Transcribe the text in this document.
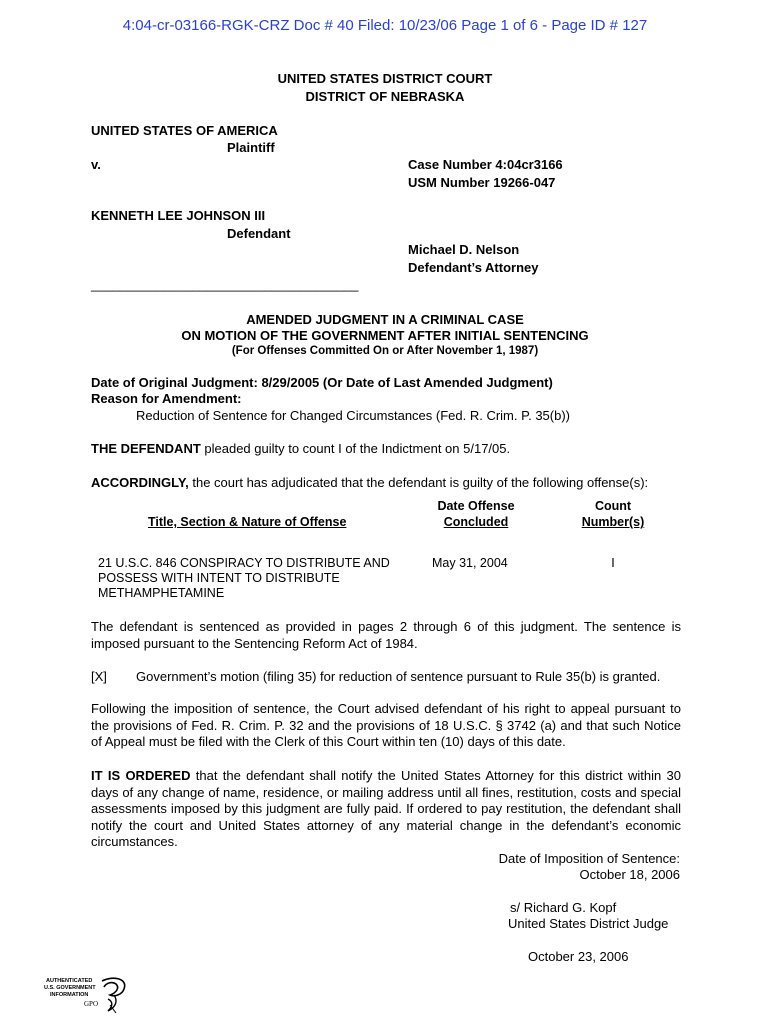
4:04-cr-03166-RGK-CRZ Doc # 40 Filed: 10/23/06 Page 1 of 6 - Page ID # 127
UNITED STATES DISTRICT COURT
DISTRICT OF NEBRASKA
UNITED STATES OF AMERICA
Plaintiff
v.	Case Number 4:04cr3166
USM Number 19266-047
KENNETH LEE JOHNSON III
Defendant
Michael D. Nelson
Defendant’s Attorney
_____________________________________
AMENDED JUDGMENT IN A CRIMINAL CASE
ON MOTION OF THE GOVERNMENT AFTER INITIAL SENTENCING
(For Offenses Committed On or After November 1, 1987)
Date of Original Judgment: 8/29/2005 (Or Date of Last Amended Judgment)
Reason for Amendment:
Reduction of Sentence for Changed Circumstances (Fed. R. Crim. P. 35(b))
THE DEFENDANT pleaded guilty to count I of the Indictment on 5/17/05.
ACCORDINGLY, the court has adjudicated that the defendant is guilty of the following offense(s):
Title, Section & Nature of Offense
Date Offense
Concluded
Count
Number(s)
21 U.S.C. 846 CONSPIRACY TO DISTRIBUTE AND
POSSESS WITH INTENT TO DISTRIBUTE
METHAMPHETAMINE
May 31, 2004	I
The defendant is sentenced as provided in pages 2 through 6 of this judgment. The sentence is imposed pursuant to the Sentencing Reform Act of 1984.
[X] Government’s motion (filing 35) for reduction of sentence pursuant to Rule 35(b) is granted.
Following the imposition of sentence, the Court advised defendant of his right to appeal pursuant to the provisions of Fed. R. Crim. P. 32 and the provisions of 18 U.S.C. § 3742 (a) and that such Notice of Appeal must be filed with the Clerk of this Court within ten (10) days of this date.
IT IS ORDERED that the defendant shall notify the United States Attorney for this district within 30 days of any change of name, residence, or mailing address until all fines, restitution, costs and special assessments imposed by this judgment are fully paid. If ordered to pay restitution, the defendant shall notify the court and United States attorney of any material change in the defendant’s economic circumstances.
Date of Imposition of Sentence:
October 18, 2006
s/ Richard G. Kopf
United States District Judge
October 23, 2006
AUTHENTICATED
U.S. GOVERNMENT
INFORMATION
GPO
